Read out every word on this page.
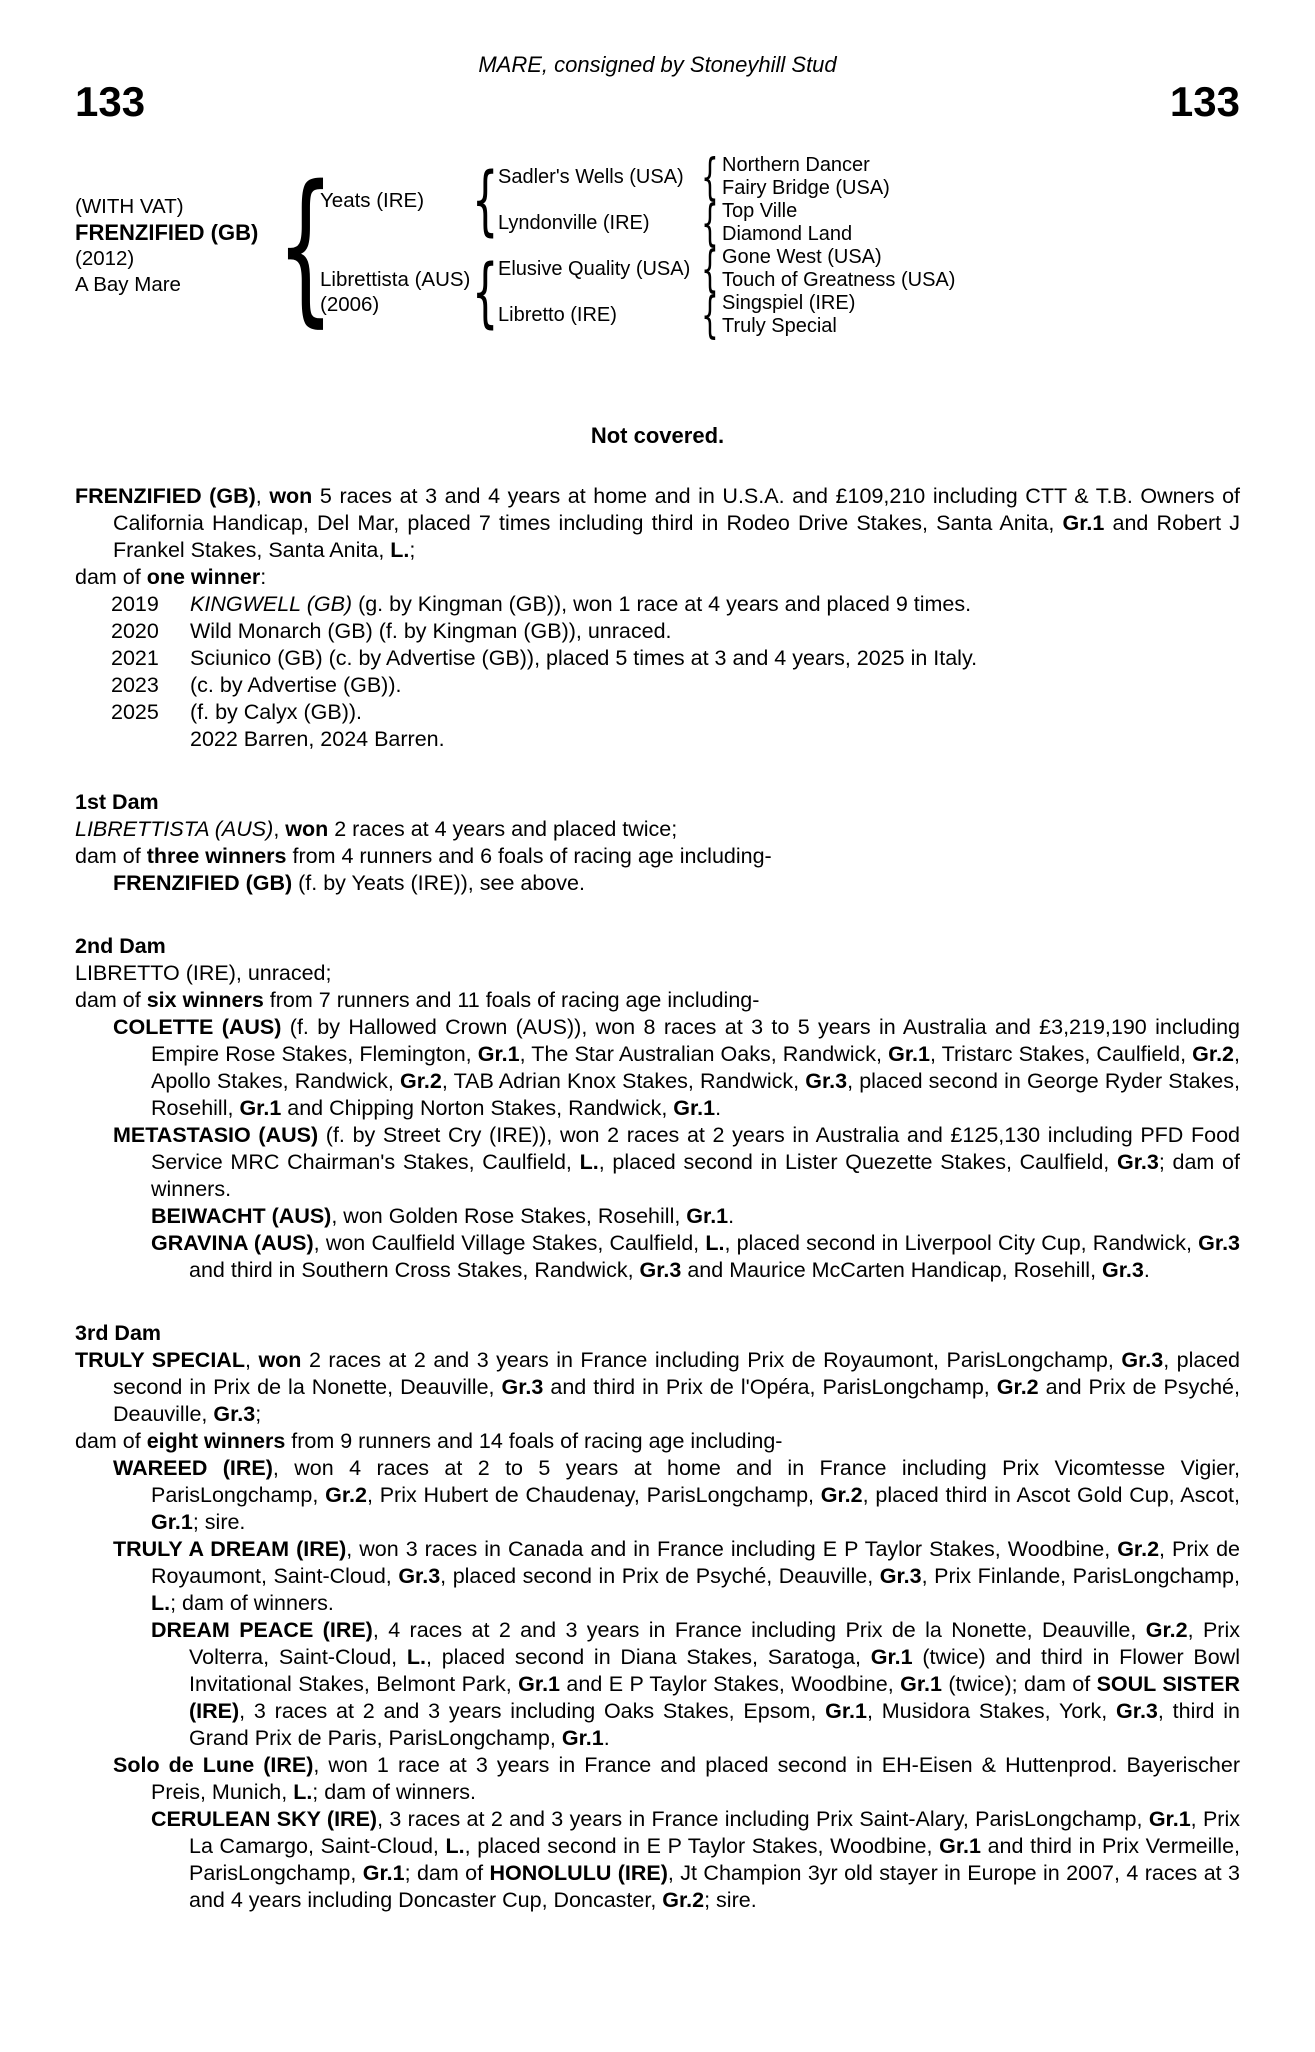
MARE, consigned by Stoneyhill Stud
133	133
(WITH VAT)
FRENZIFIED (GB)
(2012)
A Bay Mare {
Yeats (IRE) { Sadler's Wells (USA) { Northern Dancer
Fairy Bridge (USA)
Lyndonville (IRE)	{ Top Ville
Diamond Land
Librettista (AUS)
(2006)	{ Elusive Quality (USA) { Gone West (USA)
Touch of Greatness (USA)
Libretto (IRE)	{ Singspiel (IRE)
Truly Special
Not covered.
FRENZIFIED (GB), won 5 races at 3 and 4 years at home and in U.S.A. and £109,210 including CTT & T.B. Owners of California Handicap, Del Mar, placed 7 times including third in Rodeo Drive Stakes, Santa Anita, Gr.1 and Robert J Frankel Stakes, Santa Anita, L.;
dam of one winner:
2019	KINGWELL (GB) (g. by Kingman (GB)), won 1 race at 4 years and placed 9 times.
2020	Wild Monarch (GB) (f. by Kingman (GB)), unraced.
2021	Sciunico (GB) (c. by Advertise (GB)), placed 5 times at 3 and 4 years, 2025 in Italy.
2023	(c. by Advertise (GB)).
2025	(f. by Calyx (GB)).
2022 Barren, 2024 Barren.
1st Dam
LIBRETTISTA (AUS), won 2 races at 4 years and placed twice;
dam of three winners from 4 runners and 6 foals of racing age including-
FRENZIFIED (GB) (f. by Yeats (IRE)), see above.
2nd Dam
LIBRETTO (IRE), unraced;
dam of six winners from 7 runners and 11 foals of racing age including-
COLETTE (AUS) (f. by Hallowed Crown (AUS)), won 8 races at 3 to 5 years in Australia and £3,219,190 including Empire Rose Stakes, Flemington, Gr.1, The Star Australian Oaks, Randwick, Gr.1, Tristarc Stakes, Caulfield, Gr.2, Apollo Stakes, Randwick, Gr.2, TAB Adrian Knox Stakes, Randwick, Gr.3, placed second in George Ryder Stakes, Rosehill, Gr.1 and Chipping Norton Stakes, Randwick, Gr.1.
METASTASIO (AUS) (f. by Street Cry (IRE)), won 2 races at 2 years in Australia and £125,130 including PFD Food Service MRC Chairman's Stakes, Caulfield, L., placed second in Lister Quezette Stakes, Caulfield, Gr.3; dam of winners.
BEIWACHT (AUS), won Golden Rose Stakes, Rosehill, Gr.1.
GRAVINA (AUS), won Caulfield Village Stakes, Caulfield, L., placed second in Liverpool City Cup, Randwick, Gr.3 and third in Southern Cross Stakes, Randwick, Gr.3 and Maurice McCarten Handicap, Rosehill, Gr.3.
3rd Dam
TRULY SPECIAL, won 2 races at 2 and 3 years in France including Prix de Royaumont, ParisLongchamp, Gr.3, placed second in Prix de la Nonette, Deauville, Gr.3 and third in Prix de l'Opéra, ParisLongchamp, Gr.2 and Prix de Psyché, Deauville, Gr.3;
dam of eight winners from 9 runners and 14 foals of racing age including-
WAREED (IRE), won 4 races at 2 to 5 years at home and in France including Prix Vicomtesse Vigier, ParisLongchamp, Gr.2, Prix Hubert de Chaudenay, ParisLongchamp, Gr.2, placed third in Ascot Gold Cup, Ascot, Gr.1; sire.
TRULY A DREAM (IRE), won 3 races in Canada and in France including E P Taylor Stakes, Woodbine, Gr.2, Prix de Royaumont, Saint-Cloud, Gr.3, placed second in Prix de Psyché, Deauville, Gr.3, Prix Finlande, ParisLongchamp, L.; dam of winners.
DREAM PEACE (IRE), 4 races at 2 and 3 years in France including Prix de la Nonette, Deauville, Gr.2, Prix Volterra, Saint-Cloud, L., placed second in Diana Stakes, Saratoga, Gr.1 (twice) and third in Flower Bowl Invitational Stakes, Belmont Park, Gr.1 and E P Taylor Stakes, Woodbine, Gr.1 (twice); dam of SOUL SISTER (IRE), 3 races at 2 and 3 years including Oaks Stakes, Epsom, Gr.1, Musidora Stakes, York, Gr.3, third in Grand Prix de Paris, ParisLongchamp, Gr.1.
Solo de Lune (IRE), won 1 race at 3 years in France and placed second in EH-Eisen & Huttenprod. Bayerischer Preis, Munich, L.; dam of winners.
CERULEAN SKY (IRE), 3 races at 2 and 3 years in France including Prix Saint-Alary, ParisLongchamp, Gr.1, Prix La Camargo, Saint-Cloud, L., placed second in E P Taylor Stakes, Woodbine, Gr.1 and third in Prix Vermeille, ParisLongchamp, Gr.1; dam of HONOLULU (IRE), Jt Champion 3yr old stayer in Europe in 2007, 4 races at 3 and 4 years including Doncaster Cup, Doncaster, Gr.2; sire.
